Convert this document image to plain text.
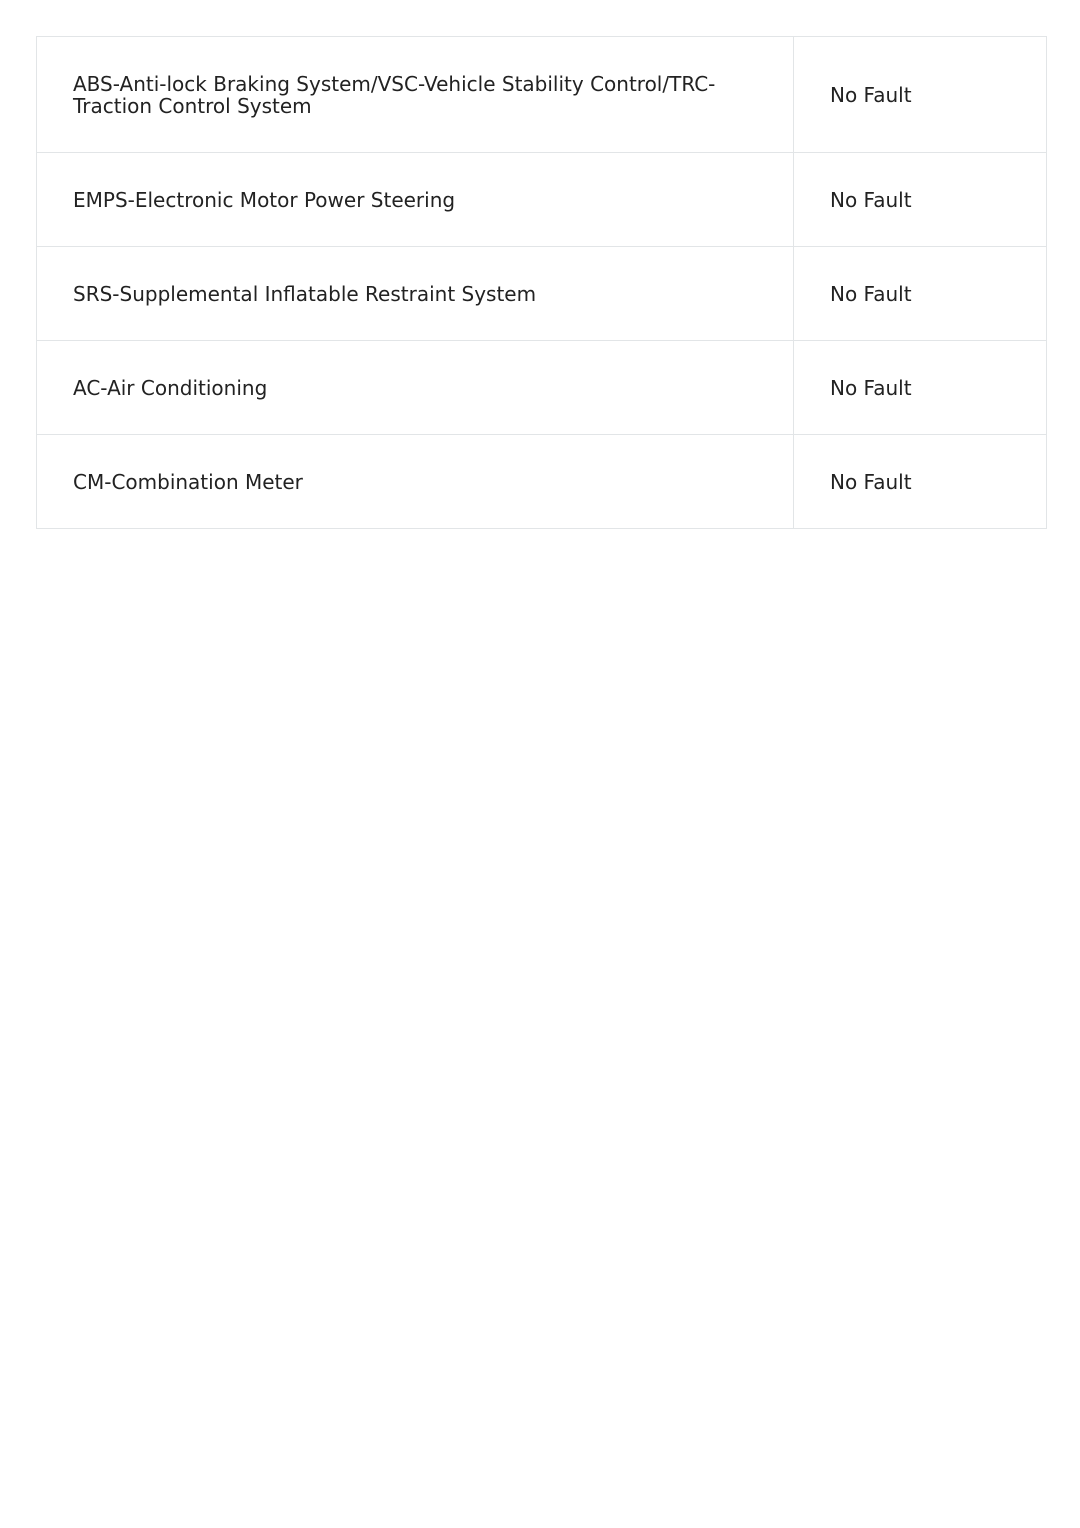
ABS-Anti-lock Braking System/VSC-Vehicle Stability Control/TRC-Traction Control System	No Fault
EMPS-Electronic Motor Power Steering	No Fault
SRS-Supplemental Inflatable Restraint System	No Fault
AC-Air Conditioning	No Fault
CM-Combination Meter	No Fault
